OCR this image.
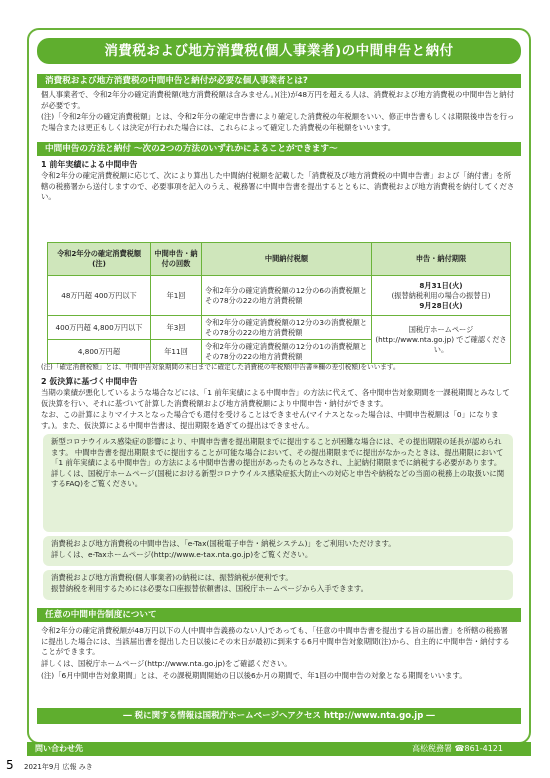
消費税および地方消費税(個人事業者)の中間申告と納付
消費税および地方消費税の中間申告と納付が必要な個人事業者とは?
個人事業者で、令和2年分の確定消費税額(地方消費税額は含みません。)(注)が48万円を超える人は、消費税および地方消費税の中間申告と納付が必要です。
(注)「令和2年分の確定消費税額」とは、令和2年分の確定申告書により確定した消費税の年税額をいい、修正申告書もしくは期限後申告を行った場合または更正もしくは決定が行われた場合には、これらによって確定した消費税の年税額をいいます。
中間申告の方法と納付 〜次の2つの方法のいずれかによることができます〜
1 前年実績による中間申告
令和2年分の確定消費税額に応じて、次により算出した中間納付税額を記載した「消費税及び地方消費税の中間申告書」および「納付書」を所轄の税務署から送付しますので、必要事項を記入のうえ、税務署に中間申告書を提出するとともに、消費税および地方消費税を納付してください。
令和2年分の確定消費税額(注)	中間申告・納付の回数	中間納付税額	申告・納付期限
48万円超 400万円以下	年1回	令和2年分の確定消費税額の12分の6の消費税額とその78分の22の地方消費税額	8月31日(火)
(振替納税利用の場合の振替日)
9月28日(火)

400万円超 4,800万円以下	年3回	令和2年分の確定消費税額の12分の3の消費税額とその78分の22の地方消費税額	国税庁ホームページ (http://www.nta.go.jp) でご確認ください。
4,800万円超	年11回	令和2年分の確定消費税額の12分の1の消費税額とその78分の22の地方消費税額	
(注)「確定消費税額」とは、中間申告対象期間の末日までに確定した消費税の年税額(申告書⑨欄の差引税額)をいいます。
2 仮決算に基づく中間申告
当期の業績が悪化しているような場合などには、「1 前年実績による中間申告」の方法に代えて、各中間申告対象期間を一課税期間とみなして仮決算を行い、それに基づいて計算した消費税額および地方消費税額により中間申告・納付ができます。
なお、この計算によりマイナスとなった場合でも還付を受けることはできません(マイナスとなった場合は、中間申告税額は「0」になります。)。また、仮決算による中間申告書は、提出期限を過ぎての提出はできません。
新型コロナウイルス感染症の影響により、中間申告書を提出期限までに提出することが困難な場合には、その提出期限の延長が認められます。 中間申告書を提出期限までに提出することが可能な場合において、その提出期限までに提出がなかったときは、提出期限において「1 前年実績による中間申告」の方法による中間申告書の提出があったものとみなされ、上記納付期限までに納税する必要があります。 詳しくは、国税庁ホームページ(国税における新型コロナウイルス感染症拡大防止への対応と申告や納税などの当面の税務上の取扱いに関するFAQ)をご覧ください。
消費税および地方消費税の中間申告は、「e-Tax(国税電子申告・納税システム)」をご利用いただけます。
詳しくは、e-Taxホームページ(http://www.e-tax.nta.go.jp)をご覧ください。
消費税および地方消費税(個人事業者)の納税には、振替納税が便利です。
振替納税を利用するためには必要な口座振替依頼書は、国税庁ホームページから入手できます。
任意の中間申告制度について
令和2年分の確定消費税額が48万円以下の人(中間申告義務のない人)であっても、「任意の中間申告書を提出する旨の届出書」を所轄の税務署に提出した場合には、当該届出書を提出した日以後にその末日が最初に到来する6月中間申告対象期間(注)から、自主的に中間申告・納付することができます。
詳しくは、国税庁ホームページ(http://www.nta.go.jp)をご確認ください。
(注)「6月中間申告対象期間」とは、その課税期間開始の日以後6か月の期間で、年1回の中間申告の対象となる期間をいいます。
― 税に関する情報は国税庁ホームページへアクセス http://www.nta.go.jp ―
問い合わせ先	高松税務署 ☎861-4121
5 2021年9月 広報 みき
